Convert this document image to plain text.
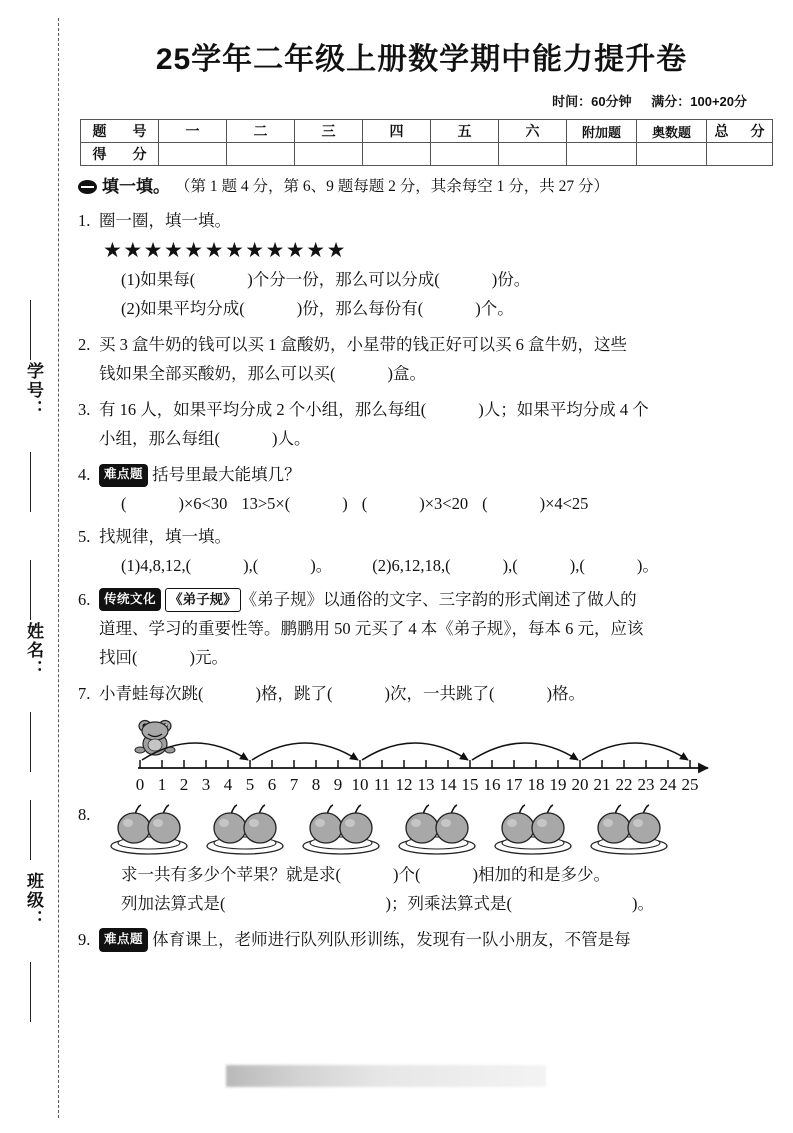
学号：
姓名：
班级：
25学年二年级上册数学期中能力提升卷
时间：60分钟 满分：100+20分
题　号	一	二	三	四	五	六	附加题	奥数题	总　分
得　分									
填一填。 （第 1 题 4 分，第 6、9 题每题 2 分，其余每空 1 分，共 27 分）
1. 圈一圈，填一填。
★★★★★★★★★★★★
(1)如果每(	)个分一份，那么可以分成(	)份。
(2)如果平均分成(	)份，那么每份有(	)个。
2. 买 3 盒牛奶的钱可以买 1 盒酸奶，小星带的钱正好可以买 6 盒牛奶，这些
钱如果全部买酸奶，那么可以买(	)盒。
3. 有 16 人，如果平均分成 2 个小组，那么每组(	)人；如果平均分成 4 个
小组，那么每组(	)人。
4.	难点题 括号里最大能填几？
(	)×6<30 13>5×(	) (	)×3<20 (	)×4<25
5. 找规律，填一填。
(1)4,8,12,(	),(	)。 (2)6,12,18,(	),(	),(	)。
6.	传统文化 《弟子规》 《弟子规》以通俗的文字、三字韵的形式阐述了做人的
道理、学习的重要性等。鹏鹏用 50 元买了 4 本《弟子规》，每本 6 元，应该
找回(	)元。
7. 小青蛙每次跳(	)格，跳了(	)次，一共跳了(	)格。
0 1 2 3 4 5 6 7 8 9 10 11 12 13 14 15 16 17 18 19 20 21 22 23 24 25
8.
求一共有多少个苹果？就是求(	)个(	)相加的和是多少。
列加法算式是(	)；列乘法算式是(	)。
9.	难点题 体育课上，老师进行队列队形训练，发现有一队小朋友，不管是每
